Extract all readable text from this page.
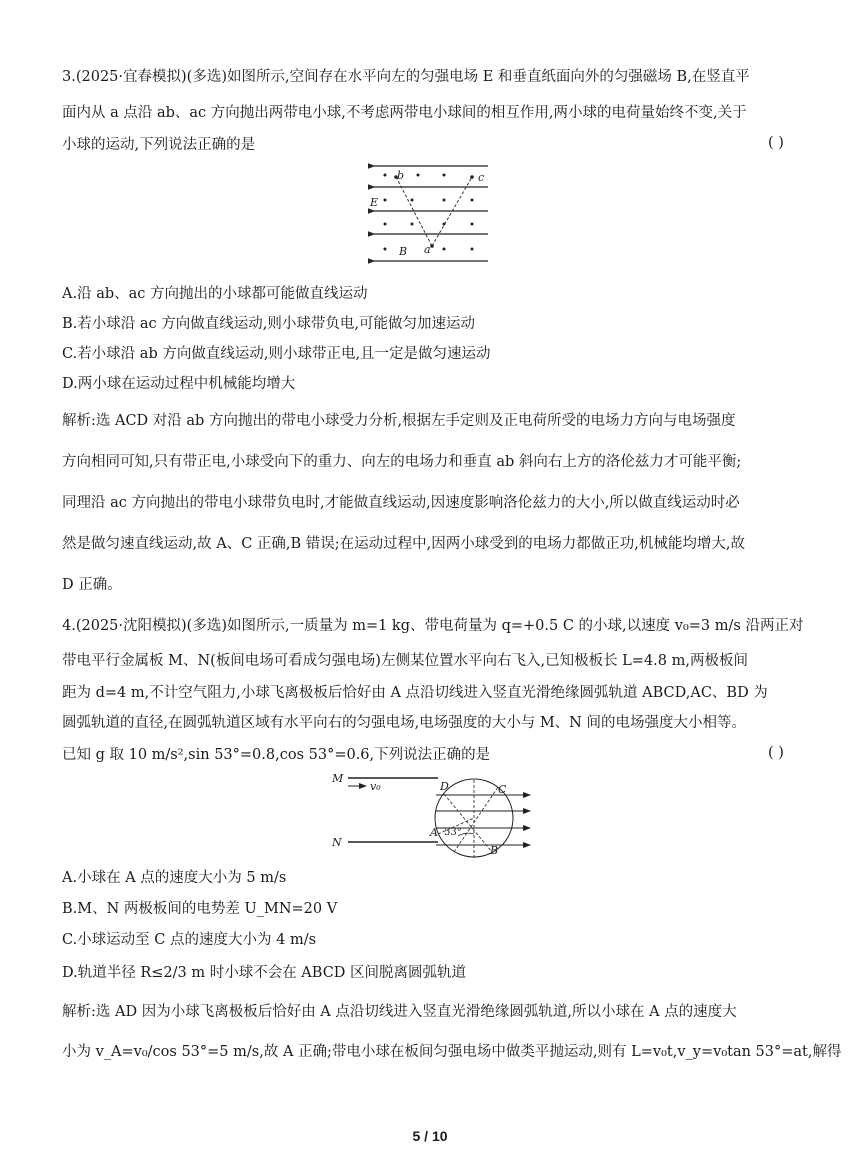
3.(2025·宜春模拟)(多选)如图所示,空间存在水平向左的匀强电场 E 和垂直纸面向外的匀强磁场 B,在竖直平
面内从 a 点沿 ab、ac 方向抛出两带电小球,不考虑两带电小球间的相互作用,两小球的电荷量始终不变,关于
小球的运动,下列说法正确的是	( )
b	c
E
a
B
A.沿 ab、ac 方向抛出的小球都可能做直线运动
B.若小球沿 ac 方向做直线运动,则小球带负电,可能做匀加速运动
C.若小球沿 ab 方向做直线运动,则小球带正电,且一定是做匀速运动
D.两小球在运动过程中机械能均增大
解析:选 ACD 对沿 ab 方向抛出的带电小球受力分析,根据左手定则及正电荷所受的电场力方向与电场强度
方向相同可知,只有带正电,小球受向下的重力、向左的电场力和垂直 ab 斜向右上方的洛伦兹力才可能平衡;
同理沿 ac 方向抛出的带电小球带负电时,才能做直线运动,因速度影响洛伦兹力的大小,所以做直线运动时必
然是做匀速直线运动,故 A、C 正确,B 错误;在运动过程中,因两小球受到的电场力都做正功,机械能均增大,故
D 正确。
4.(2025·沈阳模拟)(多选)如图所示,一质量为 m=1 kg、带电荷量为 q=+0.5 C 的小球,以速度 v₀=3 m/s 沿两正对
带电平行金属板 M、N(板间电场可看成匀强电场)左侧某位置水平向右飞入,已知极板长 L=4.8 m,两极板间
距为 d=4 m,不计空气阻力,小球飞离极板后恰好由 A 点沿切线进入竖直光滑绝缘圆弧轨道 ABCD,AC、BD 为
圆弧轨道的直径,在圆弧轨道区域有水平向右的匀强电场,电场强度的大小与 M、N 间的电场强度大小相等。
已知 g 取 10 m/s²,sin 53°=0.8,cos 53°=0.6,下列说法正确的是	( )
M
v₀	D	C
N
A
B
53°
A.小球在 A 点的速度大小为 5 m/s
B.M、N 两极板间的电势差 U_MN=20 V
C.小球运动至 C 点的速度大小为 4 m/s
D.轨道半径 R≤2/3 m 时小球不会在 ABCD 区间脱离圆弧轨道
解析:选 AD 因为小球飞离极板后恰好由 A 点沿切线进入竖直光滑绝缘圆弧轨道,所以小球在 A 点的速度大
小为 v_A=v₀/cos 53°=5 m/s,故 A 正确;带电小球在板间匀强电场中做类平抛运动,则有 L=v₀t,v_y=v₀tan 53°=at,解得
5 / 10
